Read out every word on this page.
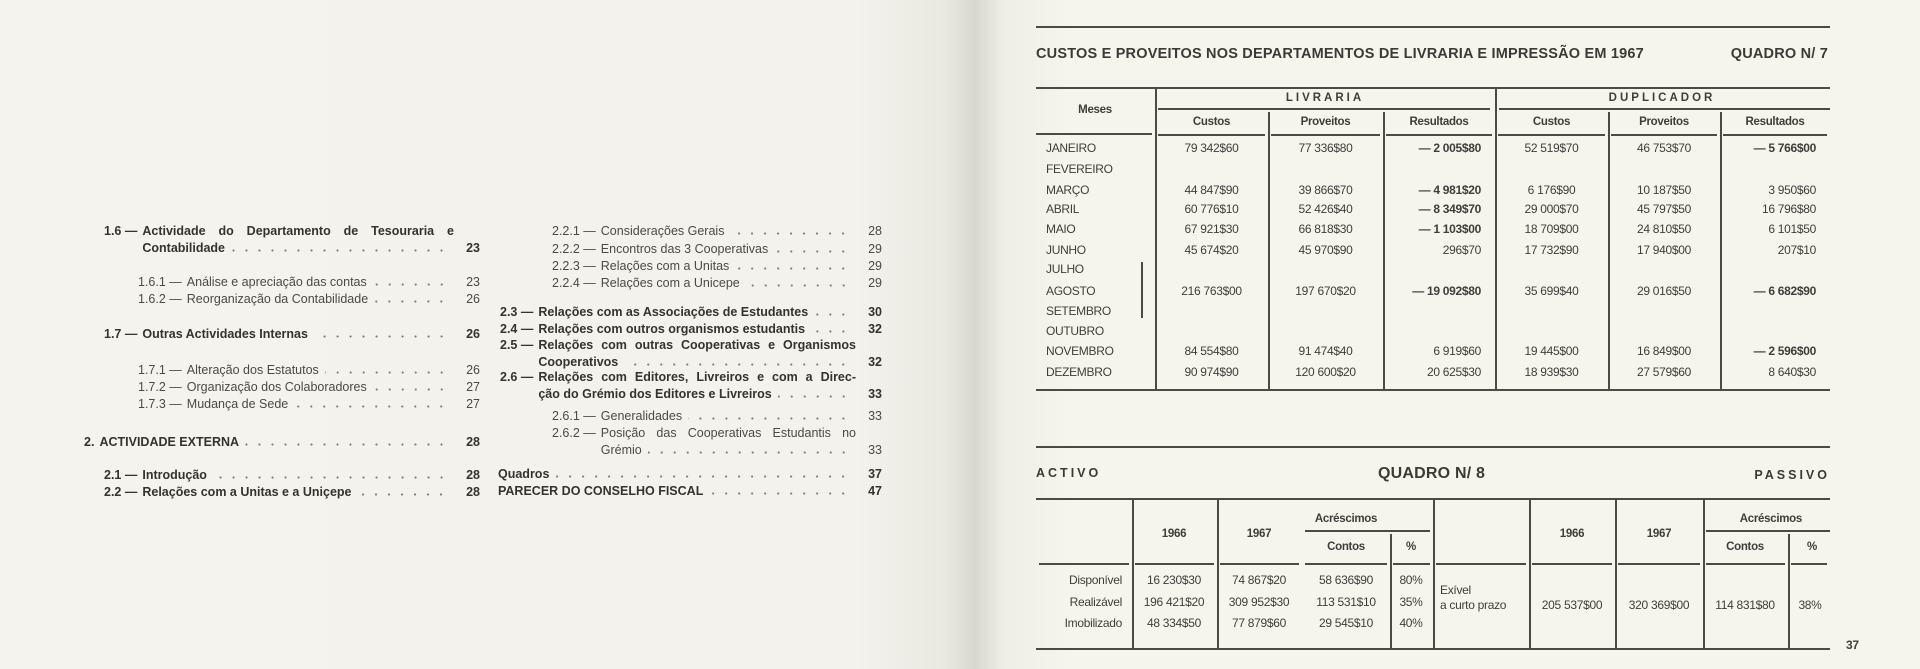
1.6 — Actividade do Departamento de Tesouraria e
Contabilidade	23
1.6.1 — Análise e apreciação das contas	23
1.6.2 — Reorganização da Contabilidade	26
1.7 — Outras Actividades Internas	26
1.7.1 — Alteração dos Estatutos	26
1.7.2 — Organização dos Colaboradores	27
1.7.3 — Mudança de Sede	27
2. ACTIVIDADE EXTERNA	28
2.1 — Introdução	28
2.2 — Relações com a Unitas e a Uniçepe	28
2.2.1 — Considerações Gerais	28
2.2.2 — Encontros das 3 Cooperativas	29
2.2.3 — Relações com a Unitas	29
2.2.4 — Relações com a Unicepe	29
2.3 — Relações com as Associações de Estudantes	30
2.4 — Relações com outros organismos estudantis	32
2.5 — Relações com outras Cooperativas e Organismos
Cooperativos	32
2.6 — Relações com Editores, Livreiros e com a Direc-
ção do Grémio dos Editores e Livreiros	33
2.6.1 — Generalidades	33
2.6.2 — Posição das Cooperativas Estudantis no
Grémio	33
Quadros	37
PARECER DO CONSELHO FISCAL	47
CUSTOS E PROVEITOS NOS DEPARTAMENTOS DE LIVRARIA E IMPRESSÃO EM 1967	QUADRO N/ 7
Meses
LIVRARIA	DUPLICADOR
Custos	Proveitos	Resultados	Custos	Proveitos	Resultados
JANEIRO	79 342$60	77 336$80	— 2 005$80	52 519$70	46 753$70	— 5 766$00
FEVEREIRO
MARÇO	44 847$90	39 866$70	— 4 981$20	6 176$90	10 187$50	3 950$60
ABRIL	60 776$10	52 426$40	— 8 349$70	29 000$70	45 797$50	16 796$80
MAIO	67 921$30	66 818$30	— 1 103$00	18 709$00	24 810$50	6 101$50
JUNHO	45 674$20	45 970$90	296$70	17 732$90	17 940$00	207$10
JULHO
AGOSTO	216 763$00	197 670$20	— 19 092$80	35 699$40	29 016$50	— 6 682$90
SETEMBRO
OUTUBRO
NOVEMBRO	84 554$80	91 474$40	6 919$60	19 445$00	16 849$00	— 2 596$00
DEZEMBRO	90 974$90	120 600$20	20 625$30	18 939$30	27 579$60	8 640$30
ACTIVO	QUADRO N/ 8	PASSIVO
1966	1967	1966	1967
Acréscimos	Acréscimos
Contos	%	Contos	%
Disponível 16 230$30	74 867$20	58 636$90 80%
Realizável 196 421$20 309 952$30 113 531$10 35%
Imobilizado 48 334$50	77 879$60	29 545$10 40%
Exível
a curto prazo	205 537$00 320 369$00 114 831$80 38%
37
